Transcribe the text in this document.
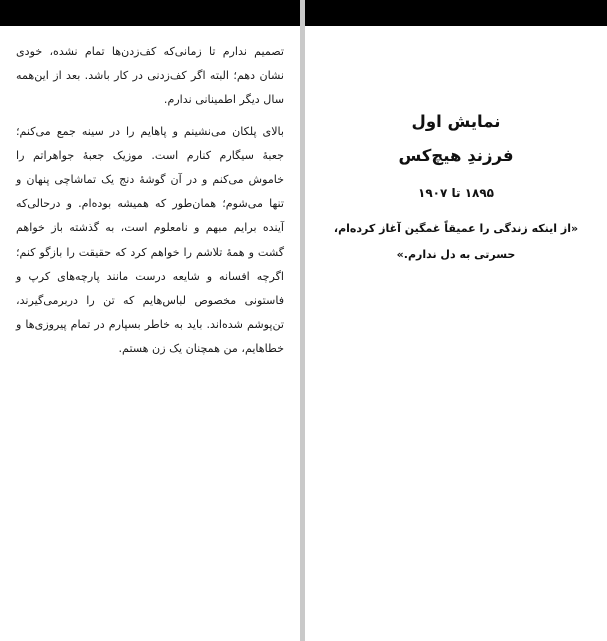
تصمیم ندارم تا زمانی‌که کف‌زدن‌ها تمام نشده، خودی نشان دهم؛ البته اگر کف‌زدنی در کار باشد. بعد از این‌همه سال دیگر اطمینانی ندارم.

بالای پلکان می‌نشینم و پاهایم را در سینه جمع می‌کنم؛ جعبهٔ سیگارم کنارم است. موزیک جعبهٔ جواهراتم را خاموش می‌کنم و در آن گوشهٔ دنج یک تماشاچی پنهان و تنها می‌شوم؛ همان‌طور که همیشه بوده‌ام. و درحالی‌که آینده برایم مبهم و نامعلوم است، به گذشته باز خواهم گشت و همهٔ تلاشم را خواهم کرد که حقیقت را بازگو کنم؛ اگرچه افسانه و شایعه درست مانند پارچه‌های کرپ و فاستونی مخصوص لباس‌هایم که تن را دربرمی‌گیرند، تن‌پوشم شده‌اند. باید به خاطر بسپارم در تمام پیروزی‌ها و خطاهایم، من همچنان یک زن هستم.

نمایش اول
فرزندِ هیچ‌کس
۱۸۹۵ تا ۱۹۰۷
«از اینکه زندگی را عمیقاً غمگین آغاز کرده‌ام، حسرتی به دل ندارم.»
